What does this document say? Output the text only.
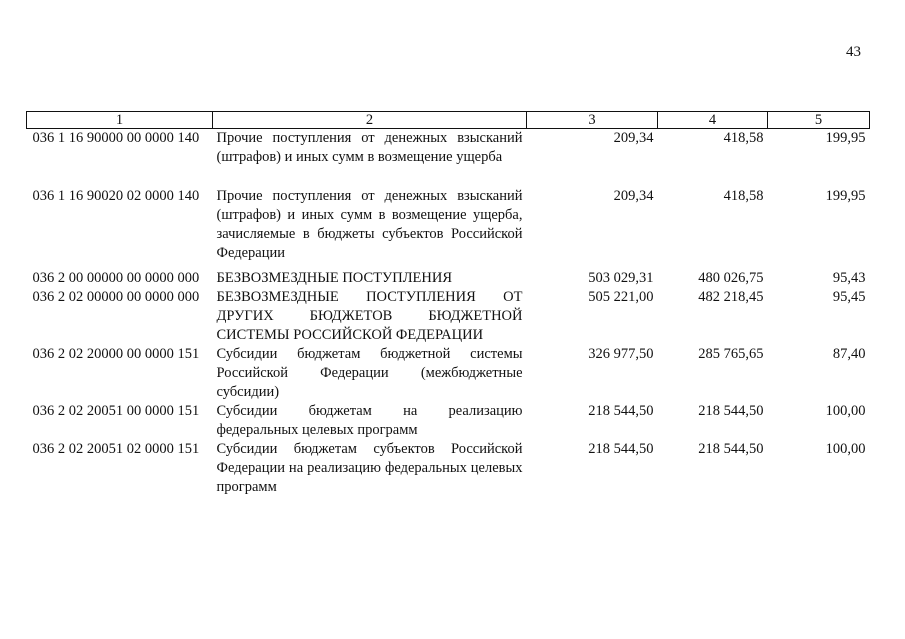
43
1	2	3	4	5
036 1 16 90000 00 0000 140	Прочие поступления от денежных взысканий (штрафов) и иных сумм в возмещение ущерба	209,34	418,58	199,95
036 1 16 90020 02 0000 140	Прочие поступления от денежных взысканий (штрафов) и иных сумм в возмещение ущерба, зачисляемые в бюджеты субъектов Российской Федерации	209,34	418,58	199,95
036 2 00 00000 00 0000 000	БЕЗВОЗМЕЗДНЫЕ ПОСТУПЛЕНИЯ	503 029,31	480 026,75	95,43
036 2 02 00000 00 0000 000	БЕЗВОЗМЕЗДНЫЕ ПОСТУПЛЕНИЯ ОТ ДРУГИХ БЮДЖЕТОВ БЮДЖЕТНОЙ СИСТЕМЫ РОССИЙСКОЙ ФЕДЕРАЦИИ	505 221,00	482 218,45	95,45
036 2 02 20000 00 0000 151	Субсидии бюджетам бюджетной системы Российской Федерации (межбюджетные субсидии)	326 977,50	285 765,65	87,40
036 2 02 20051 00 0000 151	Субсидии бюджетам на реализацию федеральных целевых программ	218 544,50	218 544,50	100,00
036 2 02 20051 02 0000 151	Субсидии бюджетам субъектов Российской Федерации на реализацию федеральных целевых программ	218 544,50	218 544,50	100,00
